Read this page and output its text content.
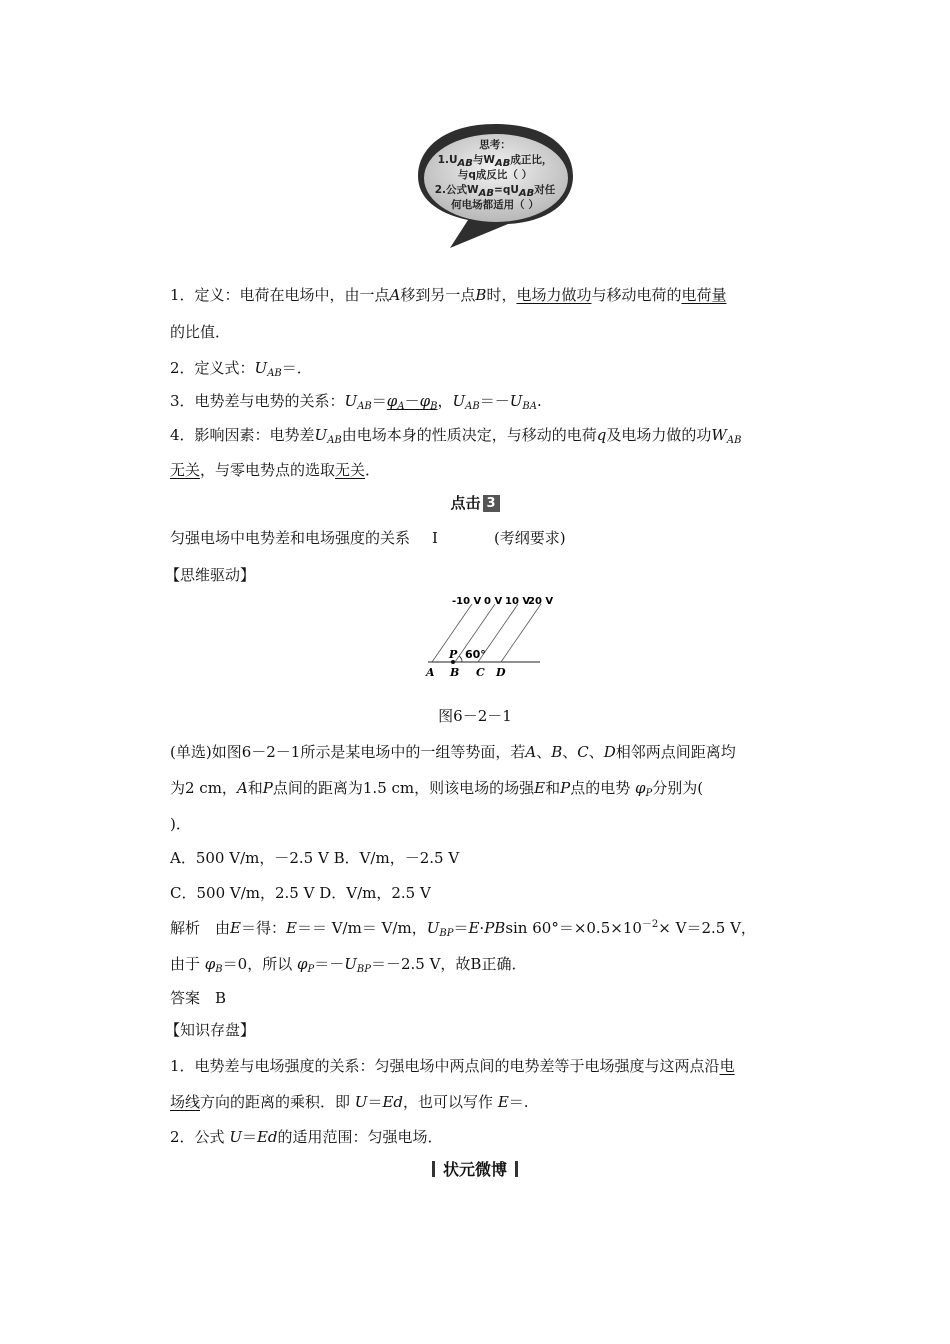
思考：
$1.U_{AB}$与$W_{AB}$成正比，
与q成反比（ ）
2.公式$W_{AB}=qU_{AB}$对任
何电场都适用（ ）
1．定义：电荷在电场中，由一点A移到另一点B时，电场力做功与移动电荷的电荷量
的比值．
2．定义式：$U_{AB}=$．
3．电势差与电势的关系：$U_{AB}=\varphi_A-\varphi_B$，$U_{AB}=-U_{BA}$.
4．影响因素：电势差$U_{AB}$由电场本身的性质决定，与移动的电荷q及电场力做的功$W_{AB}$
无关，与零电势点的选取无关．
点击 3
匀强电场中电势差和电场强度的关系 Ⅰ	(考纲要求)
【思维驱动】
-10 V 0 V 10 V
20 V
60°
P
A B C D
图6－2－1
(单选)如图6－2－1所示是某电场中的一组等势面，若A、B、C、D相邻两点间距离均
为2 cm，A和P点间的距离为1.5 cm，则该电场的场强E和P点的电势 $\varphi_P$分别为(
)．
A．500 V/m，－2.5 V B．V/m，－2.5 V
C．500 V/m，2.5 V D．V/m，2.5 V
解析　由E＝得：E＝＝ V/m＝ V/m，$U_{BP}=E\cdot PBsin$ $60^\circ=\times 0.5\times 10^{-2}\times V=2.5$ V，
由于 $\varphi_B=0$，所以 $\varphi_P=-U_{BP}=-2.5$ V，故B正确．
答案　B
【知识存盘】
1．电势差与电场强度的关系：匀强电场中两点间的电势差等于电场强度与这两点沿电
场线方向的距离的乘积．即 U＝Ed，也可以写作 E＝.
2．公式 U＝Ed的适用范围：匀强电场．
状元微博
